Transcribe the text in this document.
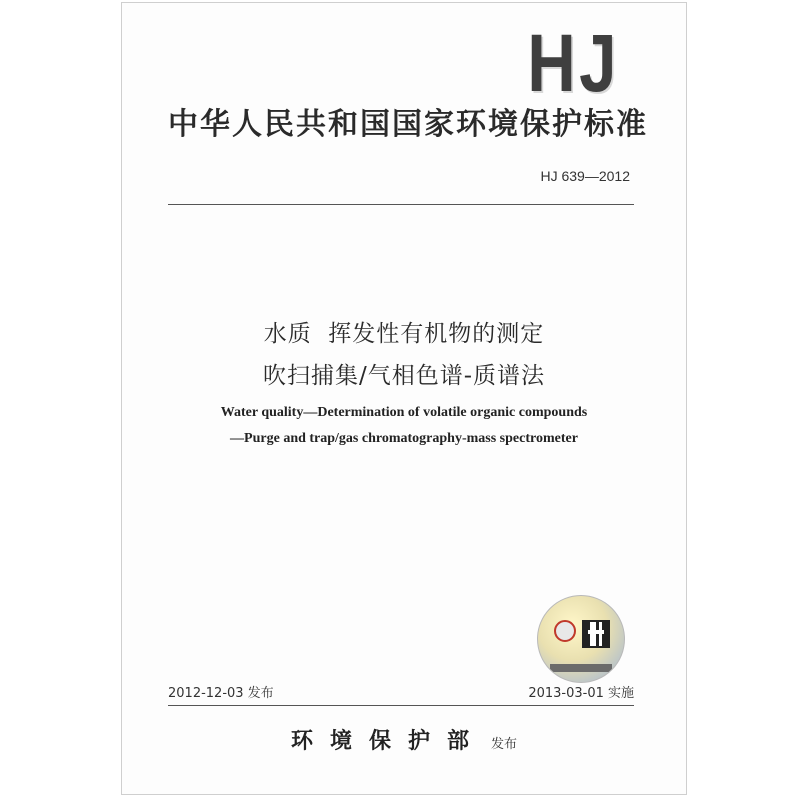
HJ
中华人民共和国国家环境保护标准
HJ 639—2012
水质  挥发性有机物的测定
吹扫捕集/气相色谱-质谱法
Water quality—Determination of volatile organic compounds
—Purge and trap/gas chromatography-mass spectrometer
2012-12-03 发布	2013-03-01 实施
环境保护部 发布
